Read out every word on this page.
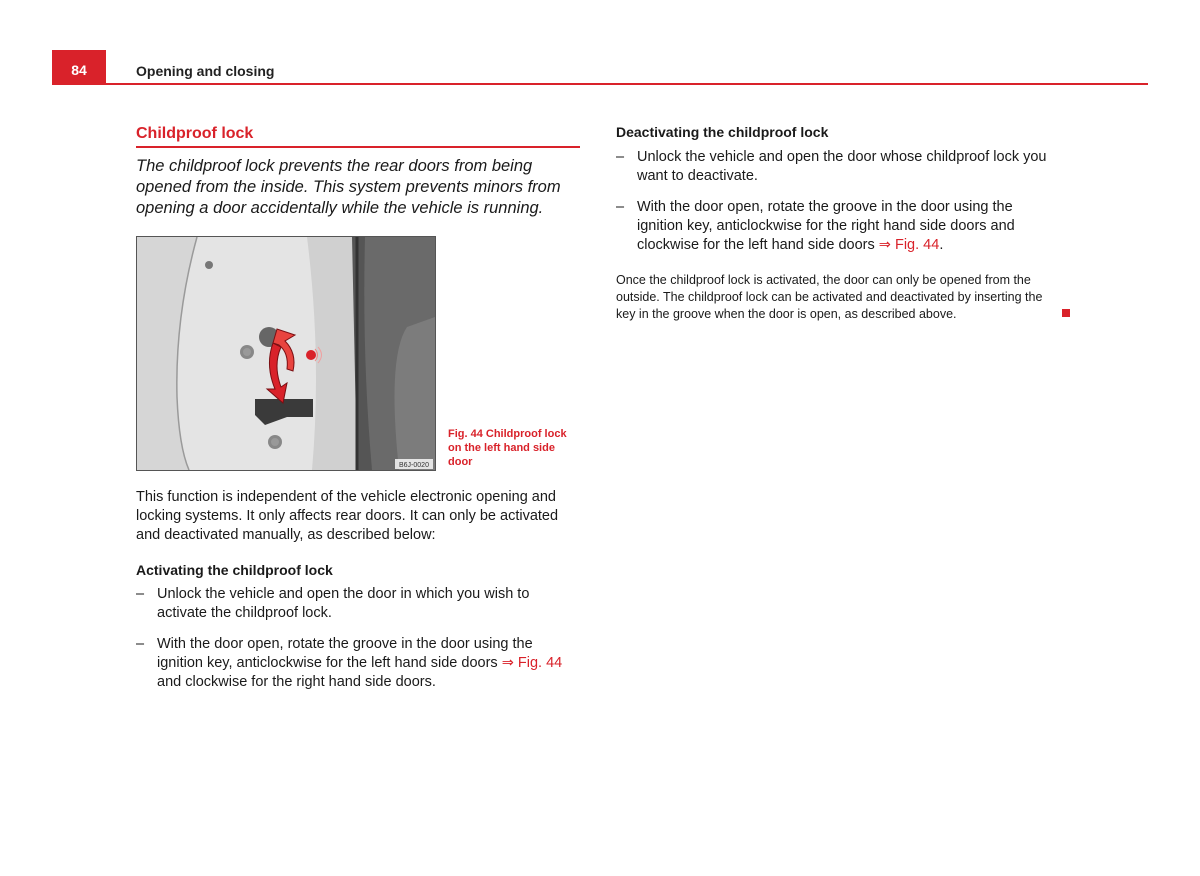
84	Opening and closing
Childproof lock
The childproof lock prevents the rear doors from being opened from the inside. This system prevents minors from opening a door accidentally while the vehicle is running.
B6J-0020
Fig. 44 Childproof lock on the left hand side door
This function is independent of the vehicle electronic opening and locking systems. It only affects rear doors. It can only be activated and deactivated manually, as described below:
Activating the childproof lock
– Unlock the vehicle and open the door in which you wish to activate the childproof lock.
– With the door open, rotate the groove in the door using the ignition key, anticlockwise for the left hand side doors ⇒ Fig. 44 and clockwise for the right hand side doors.
Deactivating the childproof lock
– Unlock the vehicle and open the door whose childproof lock you want to deactivate.
– With the door open, rotate the groove in the door using the ignition key, anticlockwise for the right hand side doors and clockwise for the left hand side doors ⇒ Fig. 44.
Once the childproof lock is activated, the door can only be opened from the outside. The childproof lock can be activated and deactivated by inserting the key in the groove when the door is open, as described above.
